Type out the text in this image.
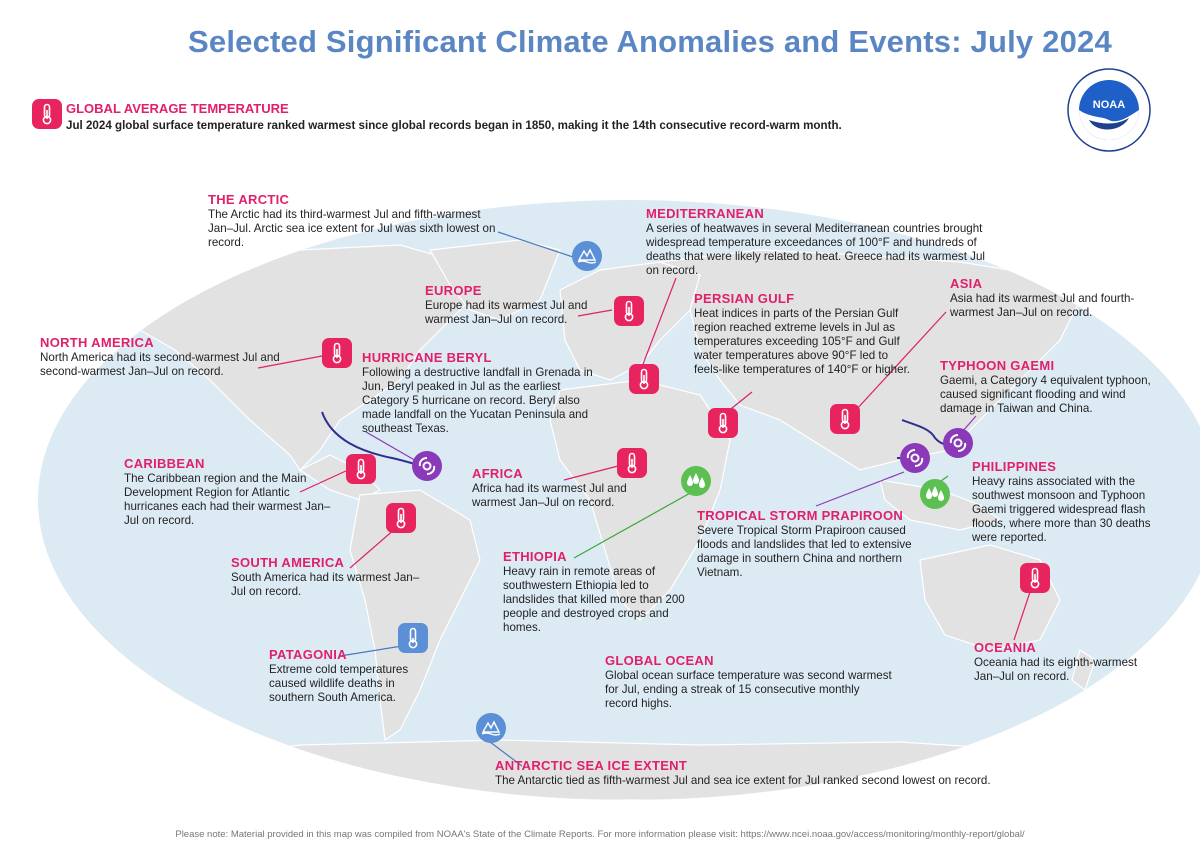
NOAA
Selected Significant Climate Anomalies and Events: July 2024
GLOBAL AVERAGE TEMPERATURE
Jul 2024 global surface temperature ranked warmest since global records began in 1850, making it the 14th consecutive record-warm month.
THE ARCTIC
The Arctic had its third-warmest Jul and fifth-warmest Jan–Jul. Arctic sea ice extent for Jul was sixth lowest on record.
MEDITERRANEAN
A series of heatwaves in several Mediterranean countries brought widespread temperature exceedances of 100°F and hundreds of deaths that were likely related to heat. Greece had its warmest Jul on record.
EUROPE
Europe had its warmest Jul and warmest Jan–Jul on record.
PERSIAN GULF
Heat indices in parts of the Persian Gulf region reached extreme levels in Jul as temperatures exceeding 105°F and Gulf water temperatures above 90°F led to feels-like temperatures of 140°F or higher.
ASIA
Asia had its warmest Jul and fourth-warmest Jan–Jul on record.
NORTH AMERICA
North America had its second-warmest Jul and second-warmest Jan–Jul on record.
HURRICANE BERYL
Following a destructive landfall in Grenada in Jun, Beryl peaked in Jul as the earliest Category 5 hurricane on record. Beryl also made landfall on the Yucatan Peninsula and southeast Texas.
TYPHOON GAEMI
Gaemi, a Category 4 equivalent typhoon, caused significant flooding and wind damage in Taiwan and China.
CARIBBEAN
The Caribbean region and the Main Development Region for Atlantic hurricanes each had their warmest Jan–Jul on record.
AFRICA
Africa had its warmest Jul and warmest Jan–Jul on record.
PHILIPPINES
Heavy rains associated with the southwest monsoon and Typhoon Gaemi triggered widespread flash floods, where more than 30 deaths were reported.
TROPICAL STORM PRAPIROON
Severe Tropical Storm Prapiroon caused floods and landslides that led to extensive damage in southern China and northern Vietnam.
SOUTH AMERICA
South America had its warmest Jan–Jul on record.
ETHIOPIA
Heavy rain in remote areas of southwestern Ethiopia led to landslides that killed more than 200 people and destroyed crops and homes.
OCEANIA
Oceania had its eighth-warmest Jan–Jul on record.
PATAGONIA
Extreme cold temperatures caused wildlife deaths in southern South America.
GLOBAL OCEAN
Global ocean surface temperature was second warmest for Jul, ending a streak of 15 consecutive monthly record highs.
ANTARCTIC SEA ICE EXTENT
The Antarctic tied as fifth-warmest Jul and sea ice extent for Jul ranked second lowest on record.
Please note: Material provided in this map was compiled from NOAA's State of the Climate Reports. For more information please visit: https://www.ncei.noaa.gov/access/monitoring/monthly-report/global/
